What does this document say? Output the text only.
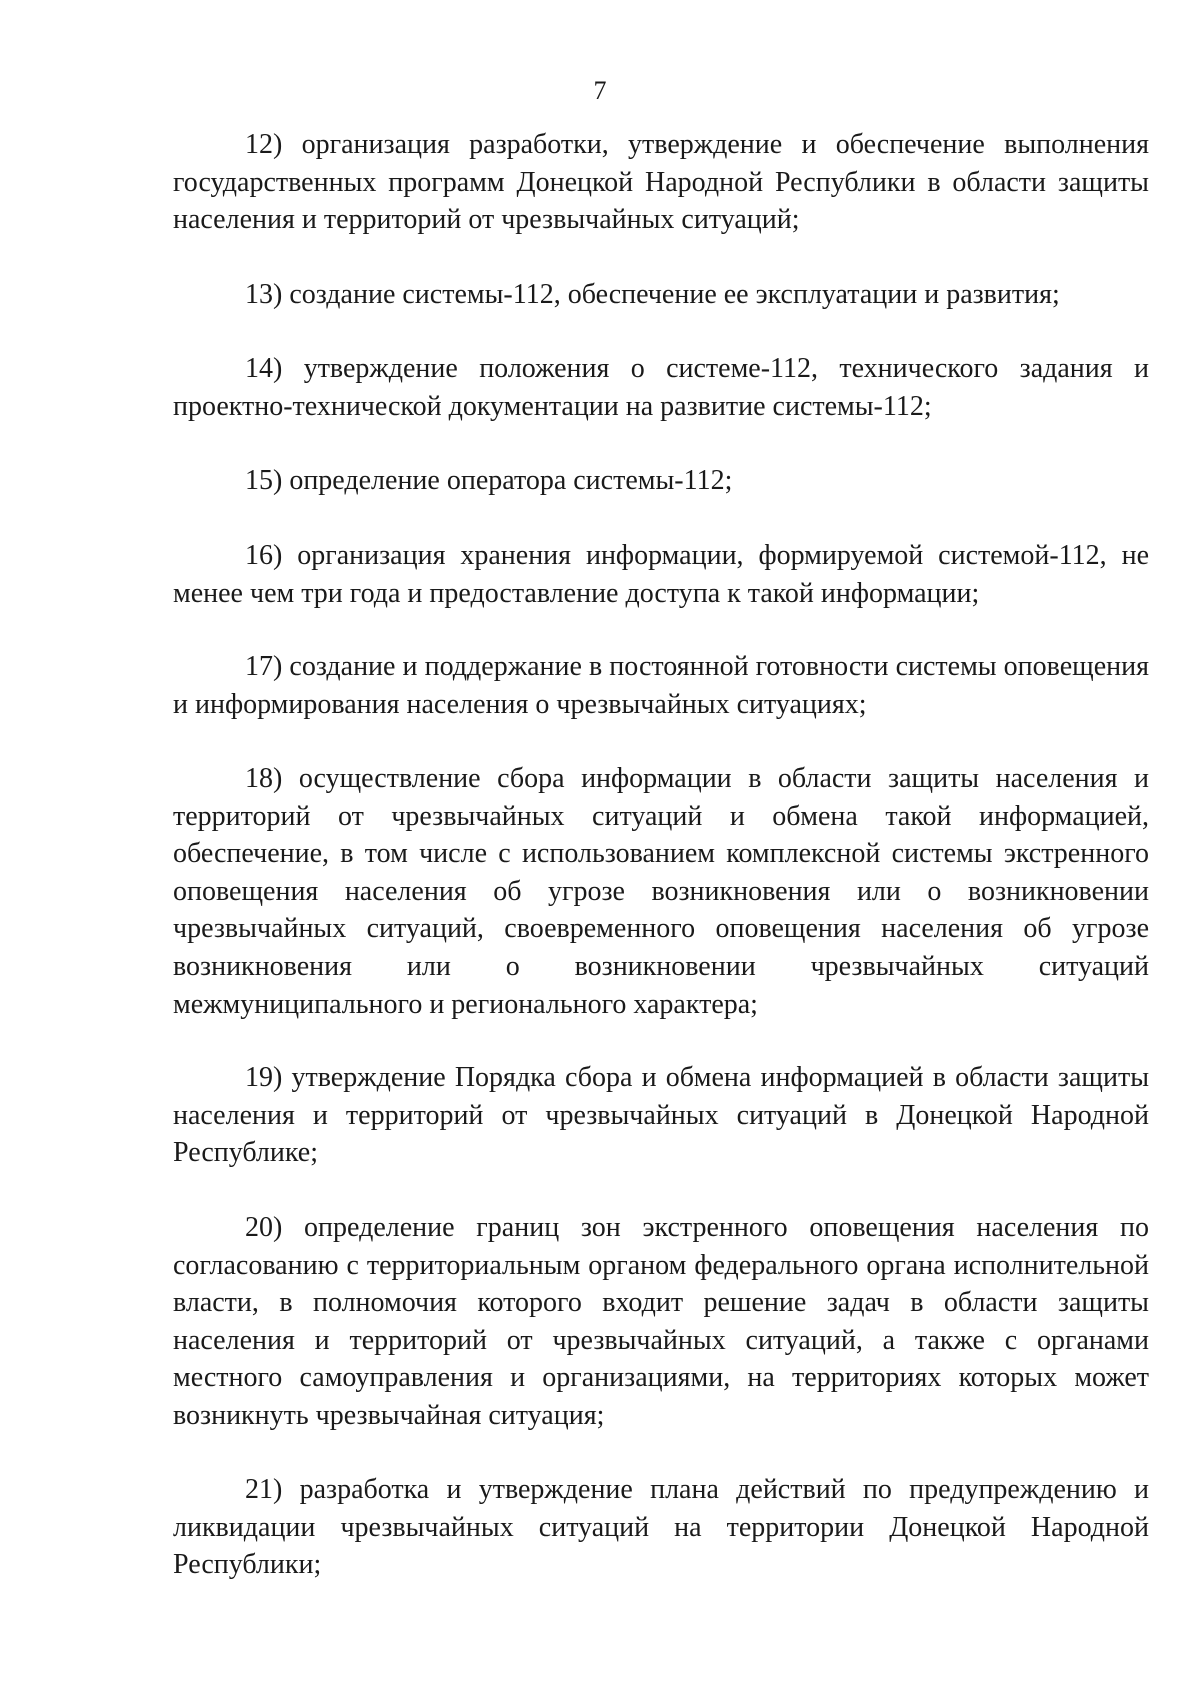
7

12) организация разработки, утверждение и обеспечение выполнения государственных программ Донецкой Народной Республики в области защиты населения и территорий от чрезвычайных ситуаций;

13) создание системы-112, обеспечение ее эксплуатации и развития;

14) утверждение положения о системе-112, технического задания и проектно-технической документации на развитие системы-112;

15) определение оператора системы-112;

16) организация хранения информации, формируемой системой-112, не менее чем три года и предоставление доступа к такой информации;

17) создание и поддержание в постоянной готовности системы оповещения и информирования населения о чрезвычайных ситуациях;

18) осуществление сбора информации в области защиты населения и территорий от чрезвычайных ситуаций и обмена такой информацией, обеспечение, в том числе с использованием комплексной системы экстренного оповещения населения об угрозе возникновения или о возникновении чрезвычайных ситуаций, своевременного оповещения населения об угрозе возникновения или о возникновении чрезвычайных ситуаций межмуниципального и регионального характера;

19) утверждение Порядка сбора и обмена информацией в области защиты населения и территорий от чрезвычайных ситуаций в Донецкой Народной Республике;

20) определение границ зон экстренного оповещения населения по согласованию с территориальным органом федерального органа исполнительной власти, в полномочия которого входит решение задач в области защиты населения и территорий от чрезвычайных ситуаций, а также с органами местного самоуправления и организациями, на территориях которых может возникнуть чрезвычайная ситуация;

21) разработка и утверждение плана действий по предупреждению и ликвидации чрезвычайных ситуаций на территории Донецкой Народной Республики;
